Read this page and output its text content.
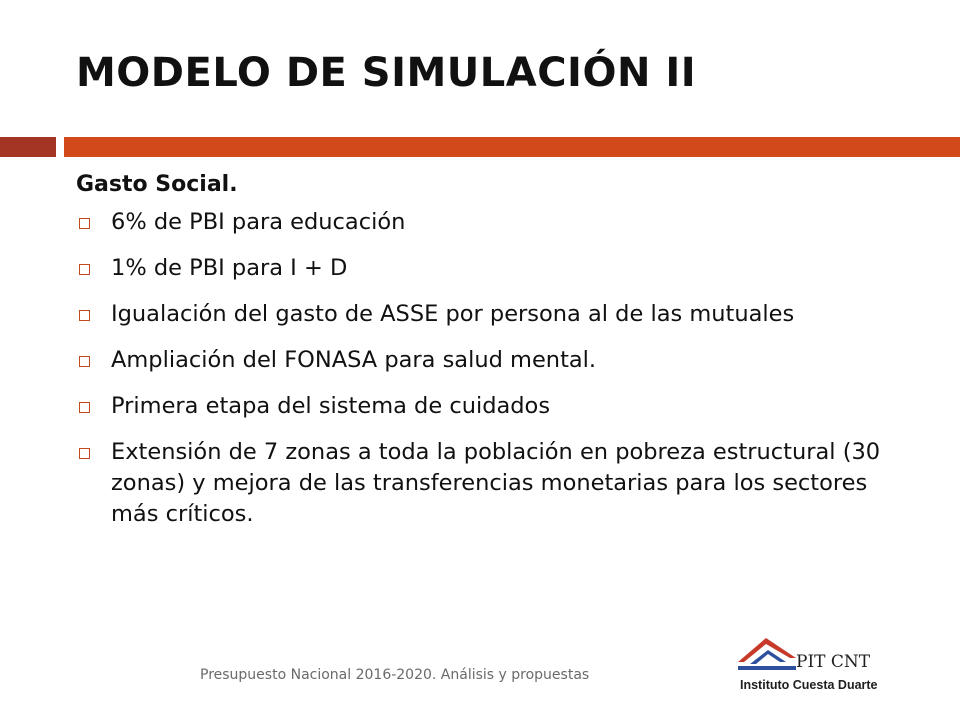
MODELO DE SIMULACIÓN II
Gasto Social.
6% de PBI para educación
1% de PBI para I + D
Igualación del gasto de ASSE por persona al de las mutuales
Ampliación del FONASA para salud mental.
Primera etapa del sistema de cuidados
Extensión de 7 zonas a toda la población en pobreza estructural (30 zonas) y mejora de las transferencias monetarias para los sectores más críticos.
Presupuesto Nacional 2016-2020. Análisis y propuestas
PIT CNT
Instituto Cuesta Duarte
